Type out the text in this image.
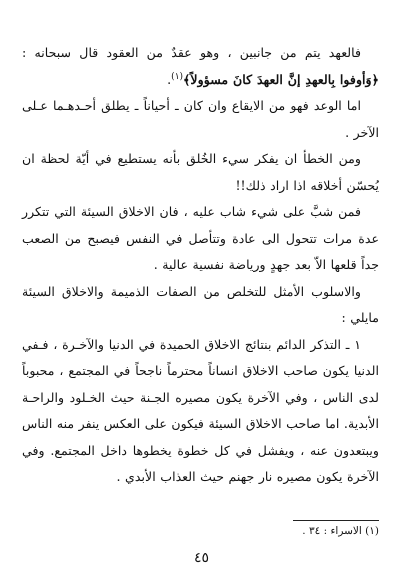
فالعهد يتم من جانبين ، وهو عقدٌ من العقود قال سبحانه : ﴿وَأوفوا بِالعهدِ إنَّ العهدَ كانَ مسؤولاً﴾$^{(١)}$.

اما الوعد فهو من الايقاع وان كان ـ أحياناً ـ يطلق أحـدهـما عـلى الآخر .

ومن الخطأ ان يفكر سيء الخُلق بأنه يستطيع في أيّة لحظة ان يُحسّن أخلاقه اذا اراد ذلك!!

فمن شبَّ على شيء شاب عليه ، فان الاخلاق السيئة التي تتكرر عدة مرات تتحول الى عادة وتتأصل في النفس فيصبح من الصعب جداً قلعها الاّ بعد جهدٍ ورياضة نفسية عالية .

والاسلوب الأمثل للتخلص من الصفات الذميمة والاخلاق السيئة مايلي :

١ ـ التذكر الدائم بنتائج الاخلاق الحميدة في الدنيا والآخـرة ، فـفي الدنيا يكون صاحب الاخلاق انساناً محترماً ناجحاً في المجتمع ، محبوباً لدى الناس ، وفي الآخرة يكون مصيره الجـنة حيث الخـلود والراحـة الأبدية. اما صاحب الاخلاق السيئة فيكون على العكس ينفر منه الناس ويبتعدون عنه ، ويفشل في كل خطوة يخطوها داخل المجتمع. وفي الآخرة يكون مصيره نار جهنم حيث العذاب الأبدي .

(١) الاسراء : ٣٤ .
٤٥
